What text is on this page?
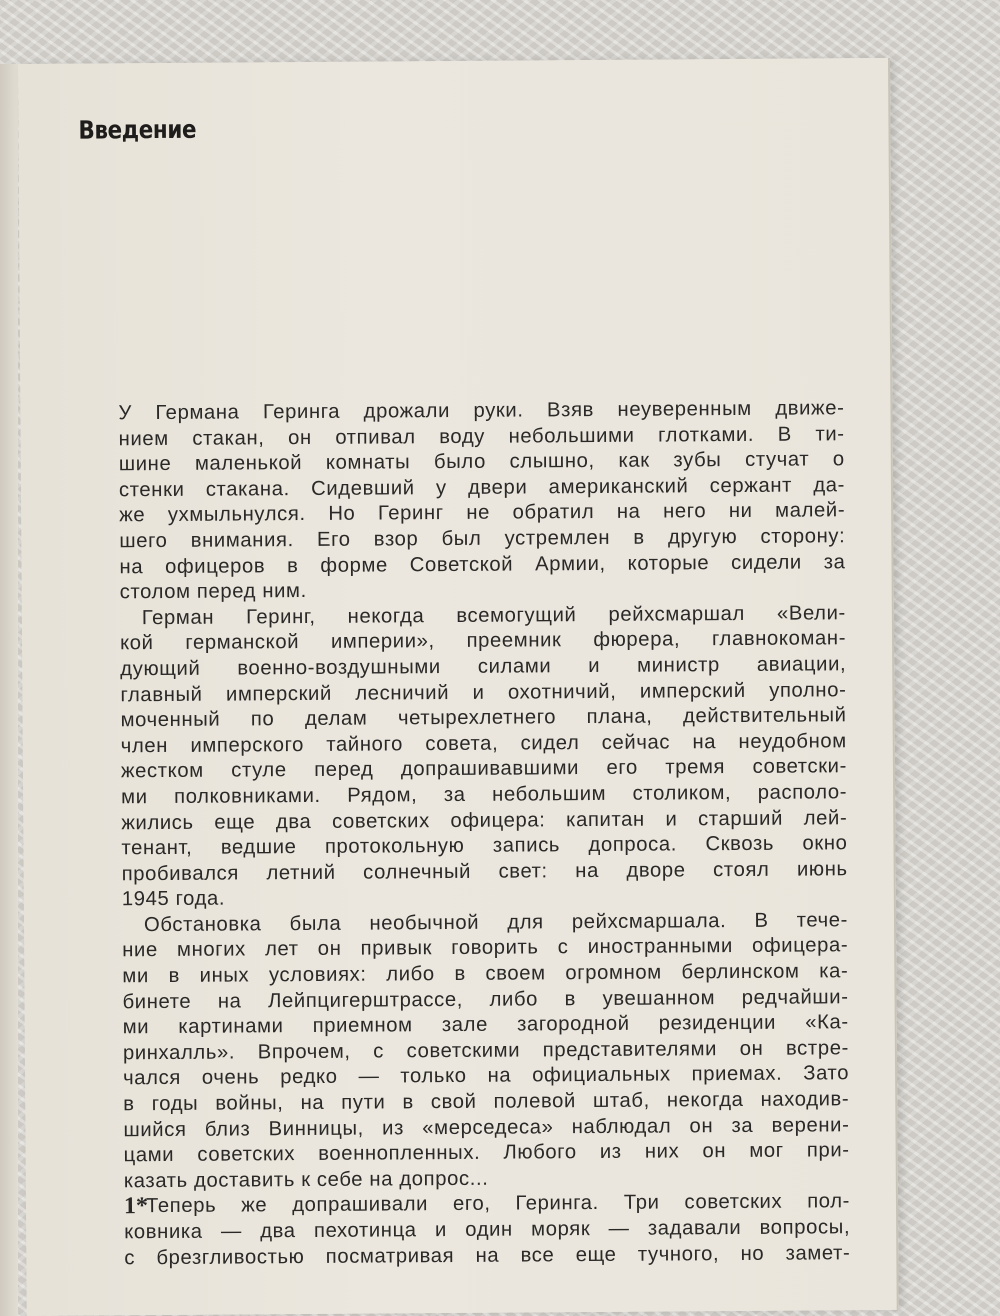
Введение
У Германа Геринга дрожали руки. Взяв неуверенным движе-
нием стакан, он отпивал воду небольшими глотками. В ти-
шине маленькой комнаты было слышно, как зубы стучат о
стенки стакана. Сидевший у двери американский сержант да-
же ухмыльнулся. Но Геринг не обратил на него ни малей-
шего внимания. Его взор был устремлен в другую сторону:
на офицеров в форме Советской Армии, которые сидели за
столом перед ним.
Герман Геринг, некогда всемогущий рейхсмаршал «Вели-
кой германской империи», преемник фюрера, главнокоман-
дующий военно-воздушными силами и министр авиации,
главный имперский лесничий и охотничий, имперский уполно-
моченный по делам четырехлетнего плана, действительный
член имперского тайного совета, сидел сейчас на неудобном
жестком стуле перед допрашивавшими его тремя советски-
ми полковниками. Рядом, за небольшим столиком, располо-
жились еще два советских офицера: капитан и старший лей-
тенант, ведшие протокольную запись допроса. Сквозь окно
пробивался летний солнечный свет: на дворе стоял июнь
1945 года.
Обстановка была необычной для рейхсмаршала. В тече-
ние многих лет он привык говорить с иностранными офицера-
ми в иных условиях: либо в своем огромном берлинском ка-
бинете на Лейпцигерштрассе, либо в увешанном редчайши-
ми картинами приемном зале загородной резиденции «Ка-
ринхалль». Впрочем, с советскими представителями он встре-
чался очень редко — только на официальных приемах. Зато
в годы войны, на пути в свой полевой штаб, некогда находив-
шийся близ Винницы, из «мерседеса» наблюдал он за верени-
цами советских военнопленных. Любого из них он мог при-
казать доставить к себе на допрос...
Теперь же допрашивали его, Геринга. Три советских пол-
ковника — два пехотинца и один моряк — задавали вопросы,
с брезгливостью посматривая на все еще тучного, но замет-
1*
